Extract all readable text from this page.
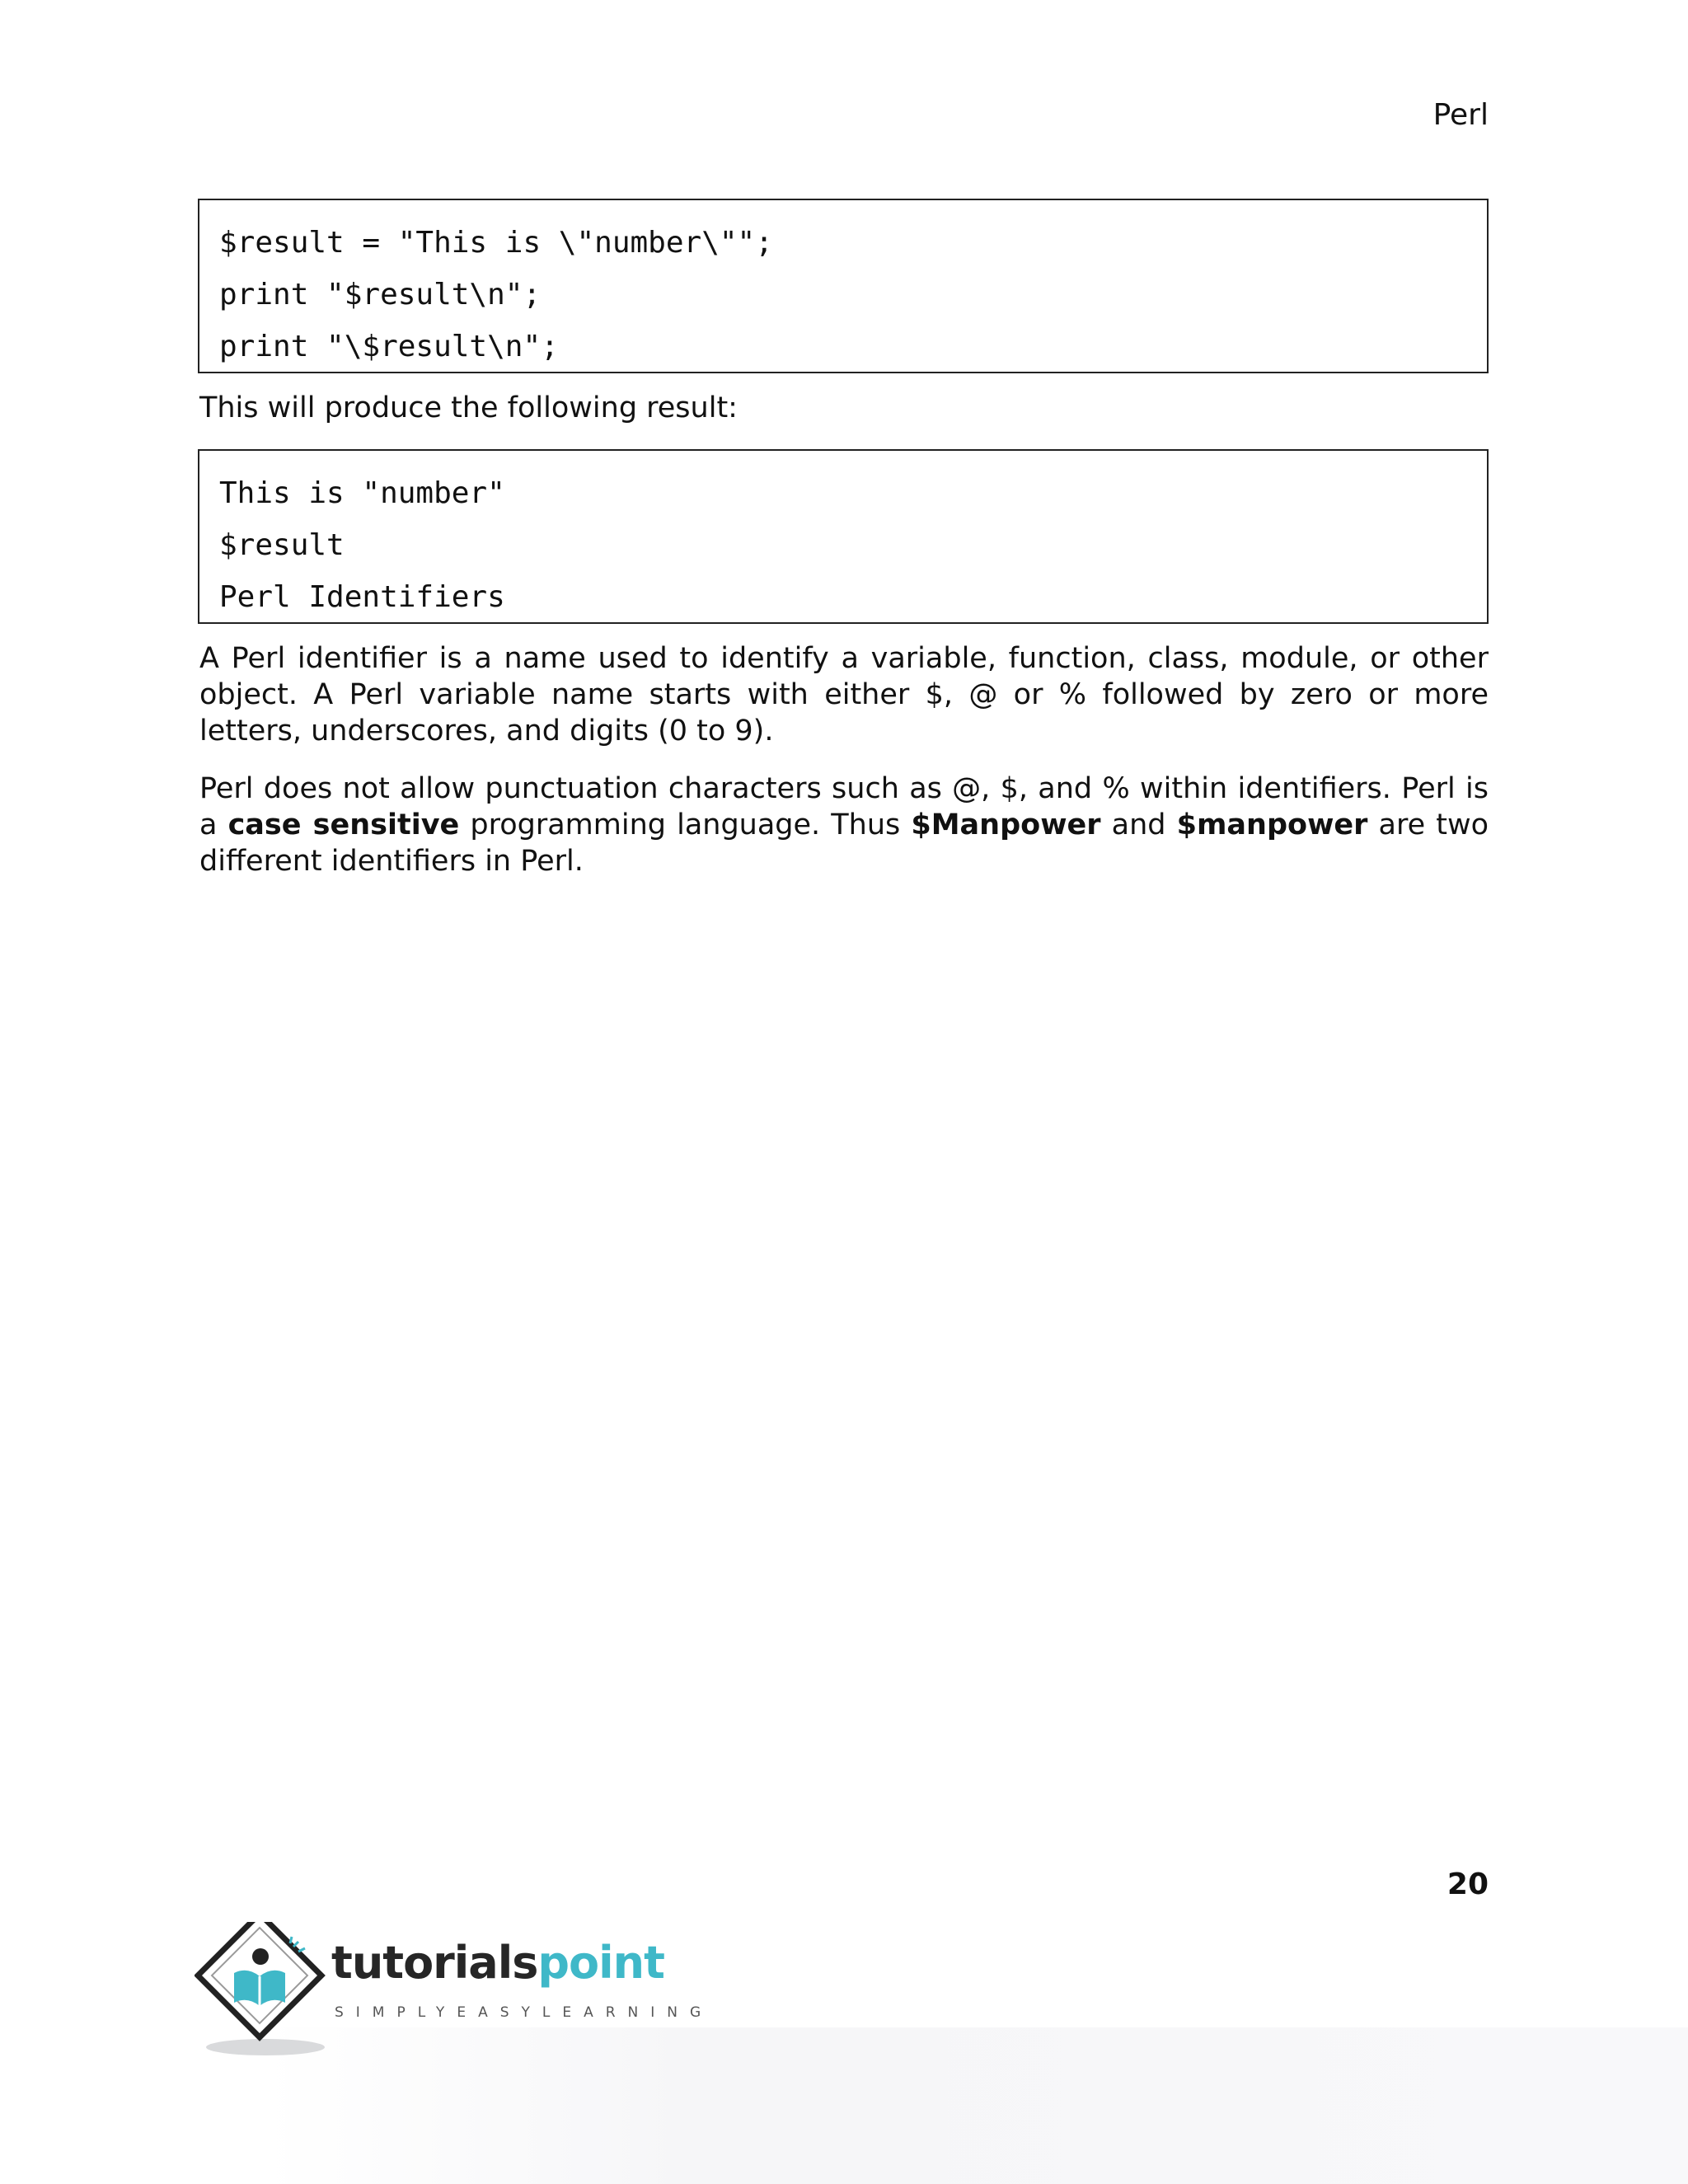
Perl
$result = "This is \"number\"";
print "$result\n";
print "\$result\n";
This will produce the following result:
This is "number"
$result
Perl Identifiers
A Perl identifier is a name used to identify a variable, function, class, module, or other object. A Perl variable name starts with either $, @ or % followed by zero or more letters, underscores, and digits (0 to 9).
Perl does not allow punctuation characters such as @, $, and % within identifiers. Perl is a case sensitive programming language. Thus $Manpower and $manpower are two different identifiers in Perl.
20
tutorialspoint
SIMPLYEASYLEARNING
